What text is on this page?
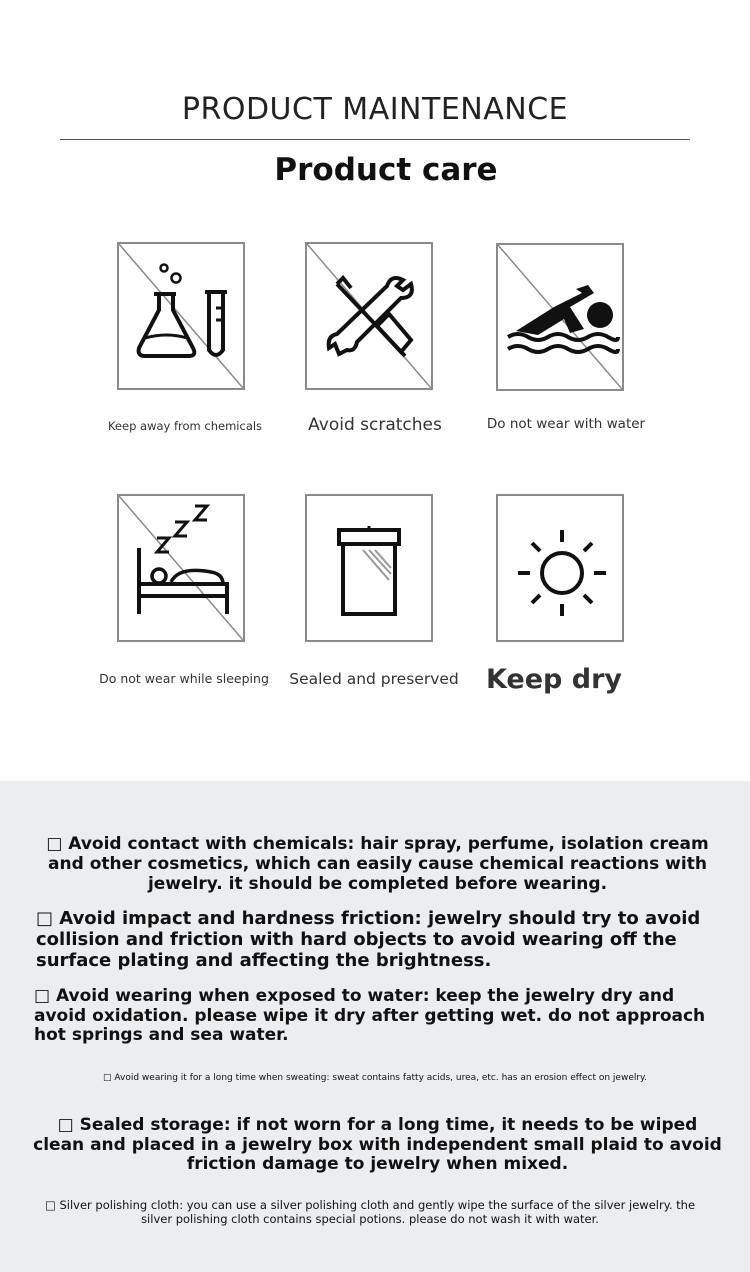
PRODUCT MAINTENANCE
Product care
Keep away from chemicals	Avoid scratches	Do not wear with water
Do not wear while sleeping	Sealed and preserved	Keep dry
□ Avoid contact with chemicals: hair spray, perfume, isolation cream and other cosmetics, which can easily cause chemical reactions with jewelry. it should be completed before wearing.
□ Avoid impact and hardness friction: jewelry should try to avoid collision and friction with hard objects to avoid wearing off the surface plating and affecting the brightness.
□ Avoid wearing when exposed to water: keep the jewelry dry and avoid oxidation. please wipe it dry after getting wet. do not approach hot springs and sea water.
□ Avoid wearing it for a long time when sweating: sweat contains fatty acids, urea, etc. has an erosion effect on jewelry.
□ Sealed storage: if not worn for a long time, it needs to be wiped clean and placed in a jewelry box with independent small plaid to avoid friction damage to jewelry when mixed.
□ Silver polishing cloth: you can use a silver polishing cloth and gently wipe the surface of the silver jewelry. the silver polishing cloth contains special potions. please do not wash it with water.
